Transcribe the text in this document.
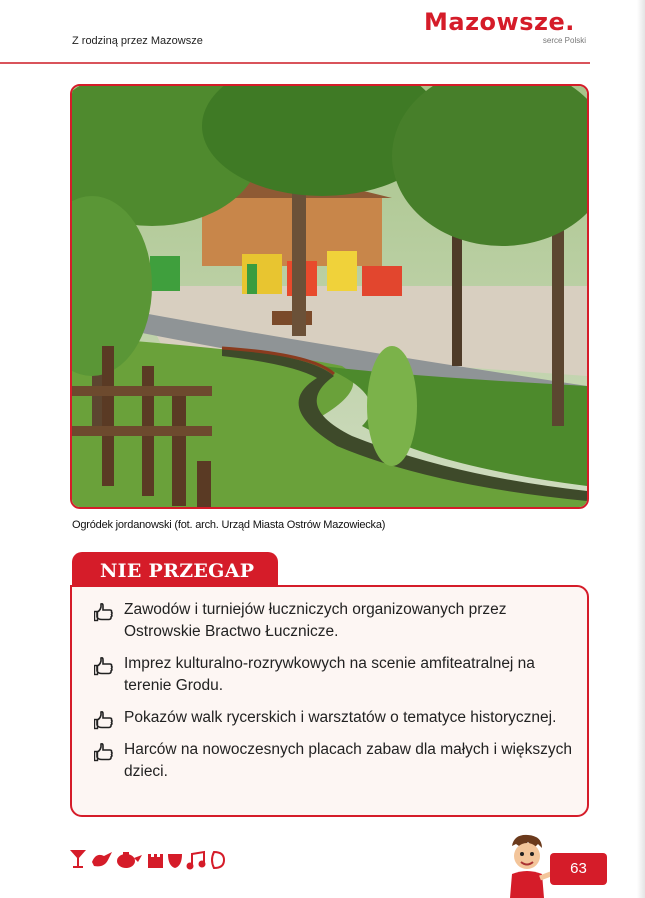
Z rodziną przez Mazowsze
Mazowsze.
serce Polski
Ogródek jordanowski (fot. arch. Urząd Miasta Ostrów Mazowiecka)
NIE PRZEGAP
Zawodów i turniejów łuczniczych organizowanych przez Ostrowskie Bractwo Łucznicze.
Imprez kulturalno-rozrywkowych na scenie amfiteatralnej na terenie Grodu.
Pokazów walk rycerskich i warsztatów o tematyce historycznej.
Harców na nowoczesnych placach zabaw dla małych i większych dzieci.
63
